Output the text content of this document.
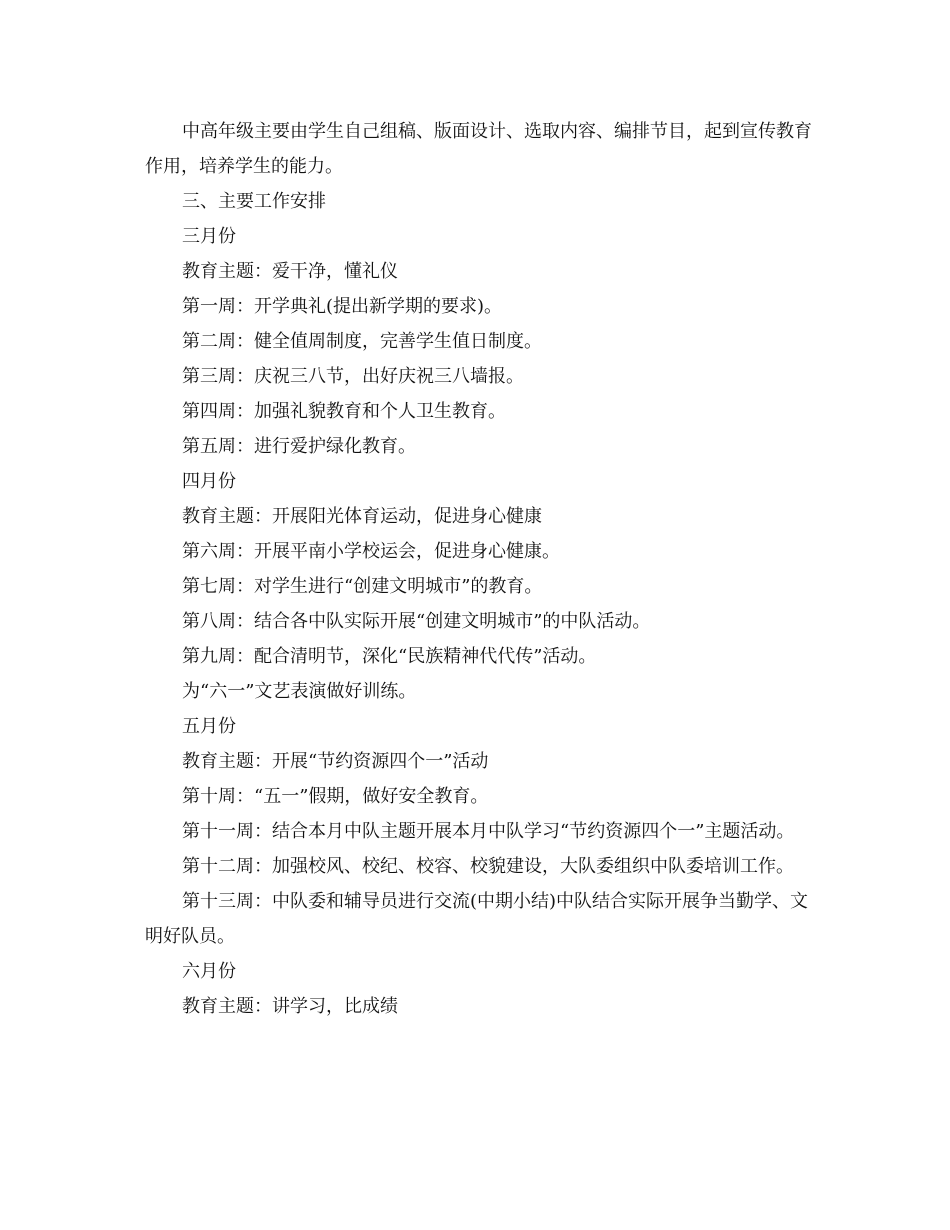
中高年级主要由学生自己组稿、版面设计、选取内容、编排节目，起到宣传教育作用，培养学生的能力。

三、主要工作安排

三月份

教育主题：爱干净，懂礼仪

第一周：开学典礼(提出新学期的要求)。

第二周：健全值周制度，完善学生值日制度。

第三周：庆祝三八节，出好庆祝三八墙报。

第四周：加强礼貌教育和个人卫生教育。

第五周：进行爱护绿化教育。

四月份

教育主题：开展阳光体育运动，促进身心健康

第六周：开展平南小学校运会，促进身心健康。

第七周：对学生进行“创建文明城市”的教育。

第八周：结合各中队实际开展“创建文明城市”的中队活动。

第九周：配合清明节，深化“民族精神代代传”活动。

为“六一”文艺表演做好训练。

五月份

教育主题：开展“节约资源四个一”活动

第十周：“五一”假期，做好安全教育。

第十一周：结合本月中队主题开展本月中队学习“节约资源四个一”主题活动。

第十二周：加强校风、校纪、校容、校貌建设，大队委组织中队委培训工作。

第十三周：中队委和辅导员进行交流(中期小结)中队结合实际开展争当勤学、文明好队员。

六月份

教育主题：讲学习，比成绩
